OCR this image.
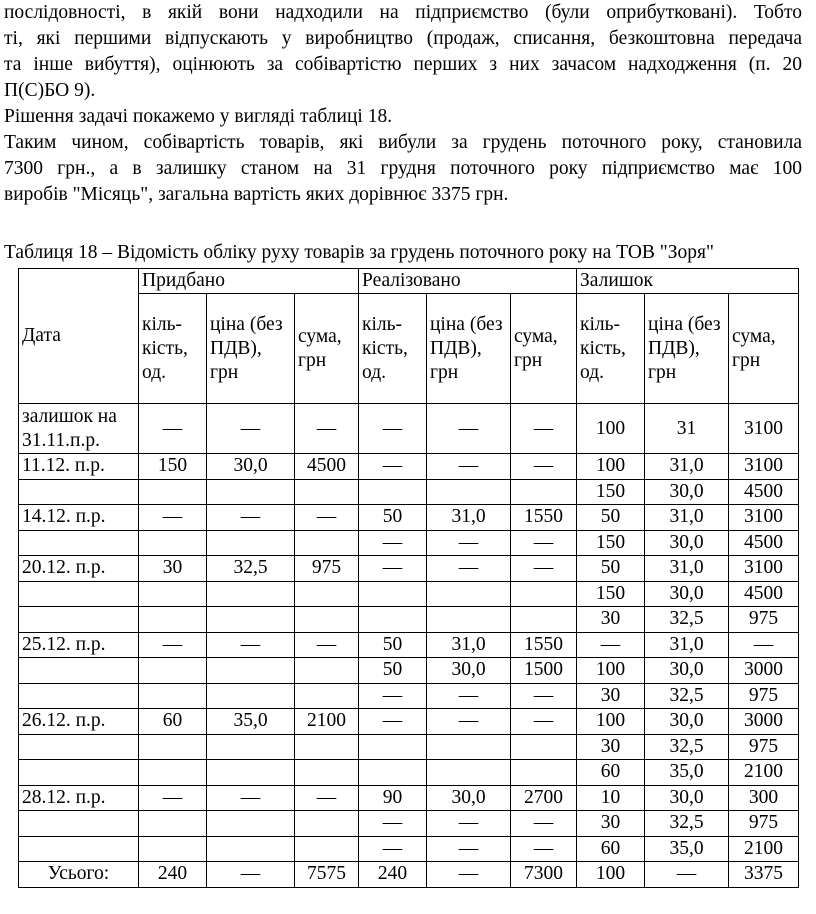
послідовності, в якій вони надходили на підприємство (були оприбутковані). Тобто

ті, які першими відпускають у виробництво (продаж, списання, безкоштовна передача

та інше вибуття), оцінюють за собівартістю перших з них зачасом надходження (п. 20

П(С)БО 9).

Рішення задачі покажемо у вигляді таблиці 18.

Таким чином, собівартість товарів, які вибули за грудень поточного року, становила

7300 грн., а в залишку станом на 31 грудня поточного року підприємство має 100

виробів "Місяць", загальна вартість яких дорівнює 3375 грн.

Таблиця 18 – Відомість обліку руху товарів за грудень поточного року на ТОВ "Зоря"
Дата	Придбано			Реалізовано			Залишок		
	кіль-кість, од.	ціна (без ПДВ), грн	сума, грн	кіль-кість, од.	ціна (без ПДВ), грн	сума, грн	кіль-кість, од.	ціна (без ПДВ), грн	сума, грн
залишок на 31.11.п.р.	—	—	—	—	—	—	100	31	3100
11.12. п.р.	150	30,0	4500	—	—	—	100	31,0	3100
							150	30,0	4500
14.12. п.р.	—	—	—	50	31,0	1550	50	31,0	3100
				—	—	—	150	30,0	4500
20.12. п.р.	30	32,5	975	—	—	—	50	31,0	3100
							150	30,0	4500
							30	32,5	975
25.12. п.р.	—	—	—	50	31,0	1550	—	31,0	—
				50	30,0	1500	100	30,0	3000
				—	—	—	30	32,5	975
26.12. п.р.	60	35,0	2100	—	—	—	100	30,0	3000
							30	32,5	975
							60	35,0	2100
28.12. п.р.	—	—	—	90	30,0	2700	10	30,0	300
				—	—	—	30	32,5	975
				—	—	—	60	35,0	2100
Усього:	240	—	7575	240	—	7300	100	—	3375
